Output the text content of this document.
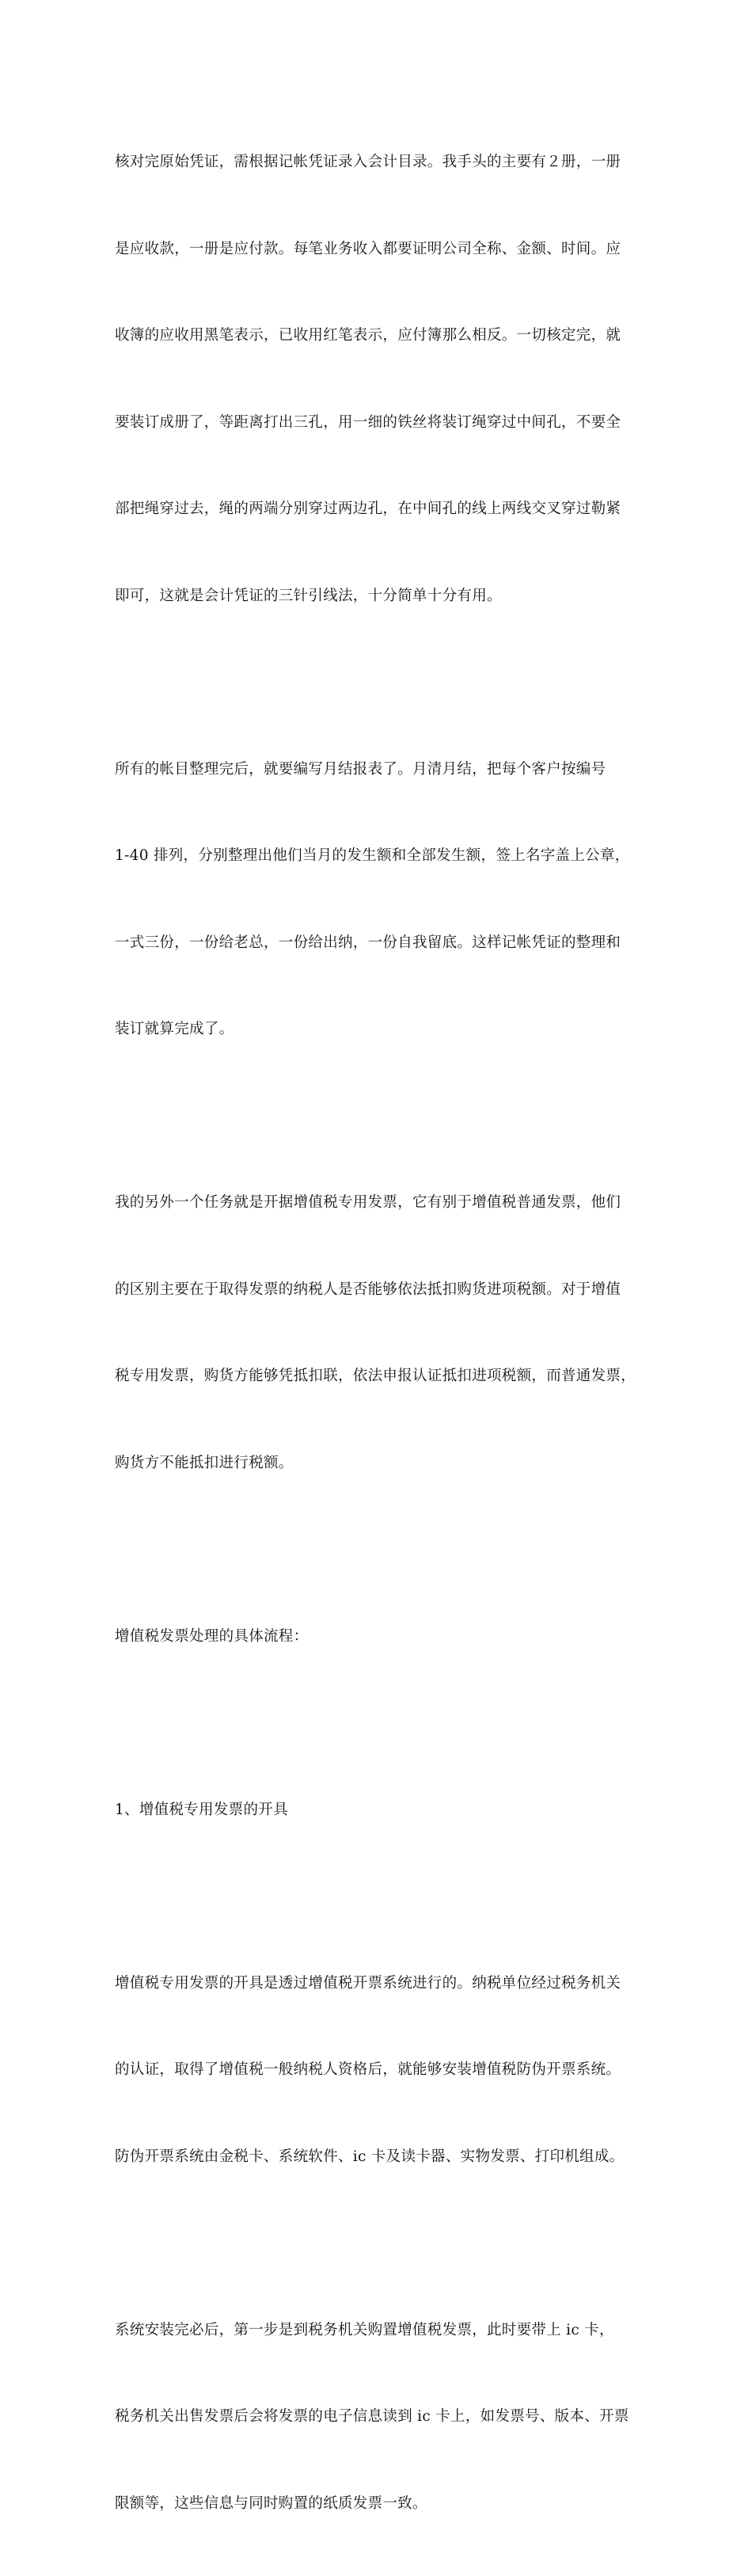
核对完原始凭证，需根据记帐凭证录入会计目录。我手头的主要有２册，一册

是应收款，一册是应付款。每笔业务收入都要证明公司全称、金额、时间。应

收簿的应收用黑笔表示，已收用红笔表示，应付簿那么相反。一切核定完，就

要装订成册了，等距离打出三孔，用一细的铁丝将装订绳穿过中间孔，不要全

部把绳穿过去，绳的两端分别穿过两边孔，在中间孔的线上两线交叉穿过勒紧

即可，这就是会计凭证的三针引线法，十分简单十分有用。

所有的帐目整理完后，就要编写月结报表了。月清月结，把每个客户按编号

1-40 排列，分别整理出他们当月的发生额和全部发生额，签上名字盖上公章，

一式三份，一份给老总，一份给出纳，一份自我留底。这样记帐凭证的整理和

装订就算完成了。

我的另外一个任务就是开据增值税专用发票，它有别于增值税普通发票，他们

的区别主要在于取得发票的纳税人是否能够依法抵扣购货进项税额。对于增值

税专用发票，购货方能够凭抵扣联，依法申报认证抵扣进项税额，而普通发票，

购货方不能抵扣进行税额。

增值税发票处理的具体流程：

1、增值税专用发票的开具

增值税专用发票的开具是透过增值税开票系统进行的。纳税单位经过税务机关

的认证，取得了增值税一般纳税人资格后，就能够安装增值税防伪开票系统。

防伪开票系统由金税卡、系统软件、ic 卡及读卡器、实物发票、打印机组成。

系统安装完必后，第一步是到税务机关购置增值税发票，此时要带上 ic 卡，

税务机关出售发票后会将发票的电子信息读到 ic 卡上，如发票号、版本、开票

限额等，这些信息与同时购置的纸质发票一致。
